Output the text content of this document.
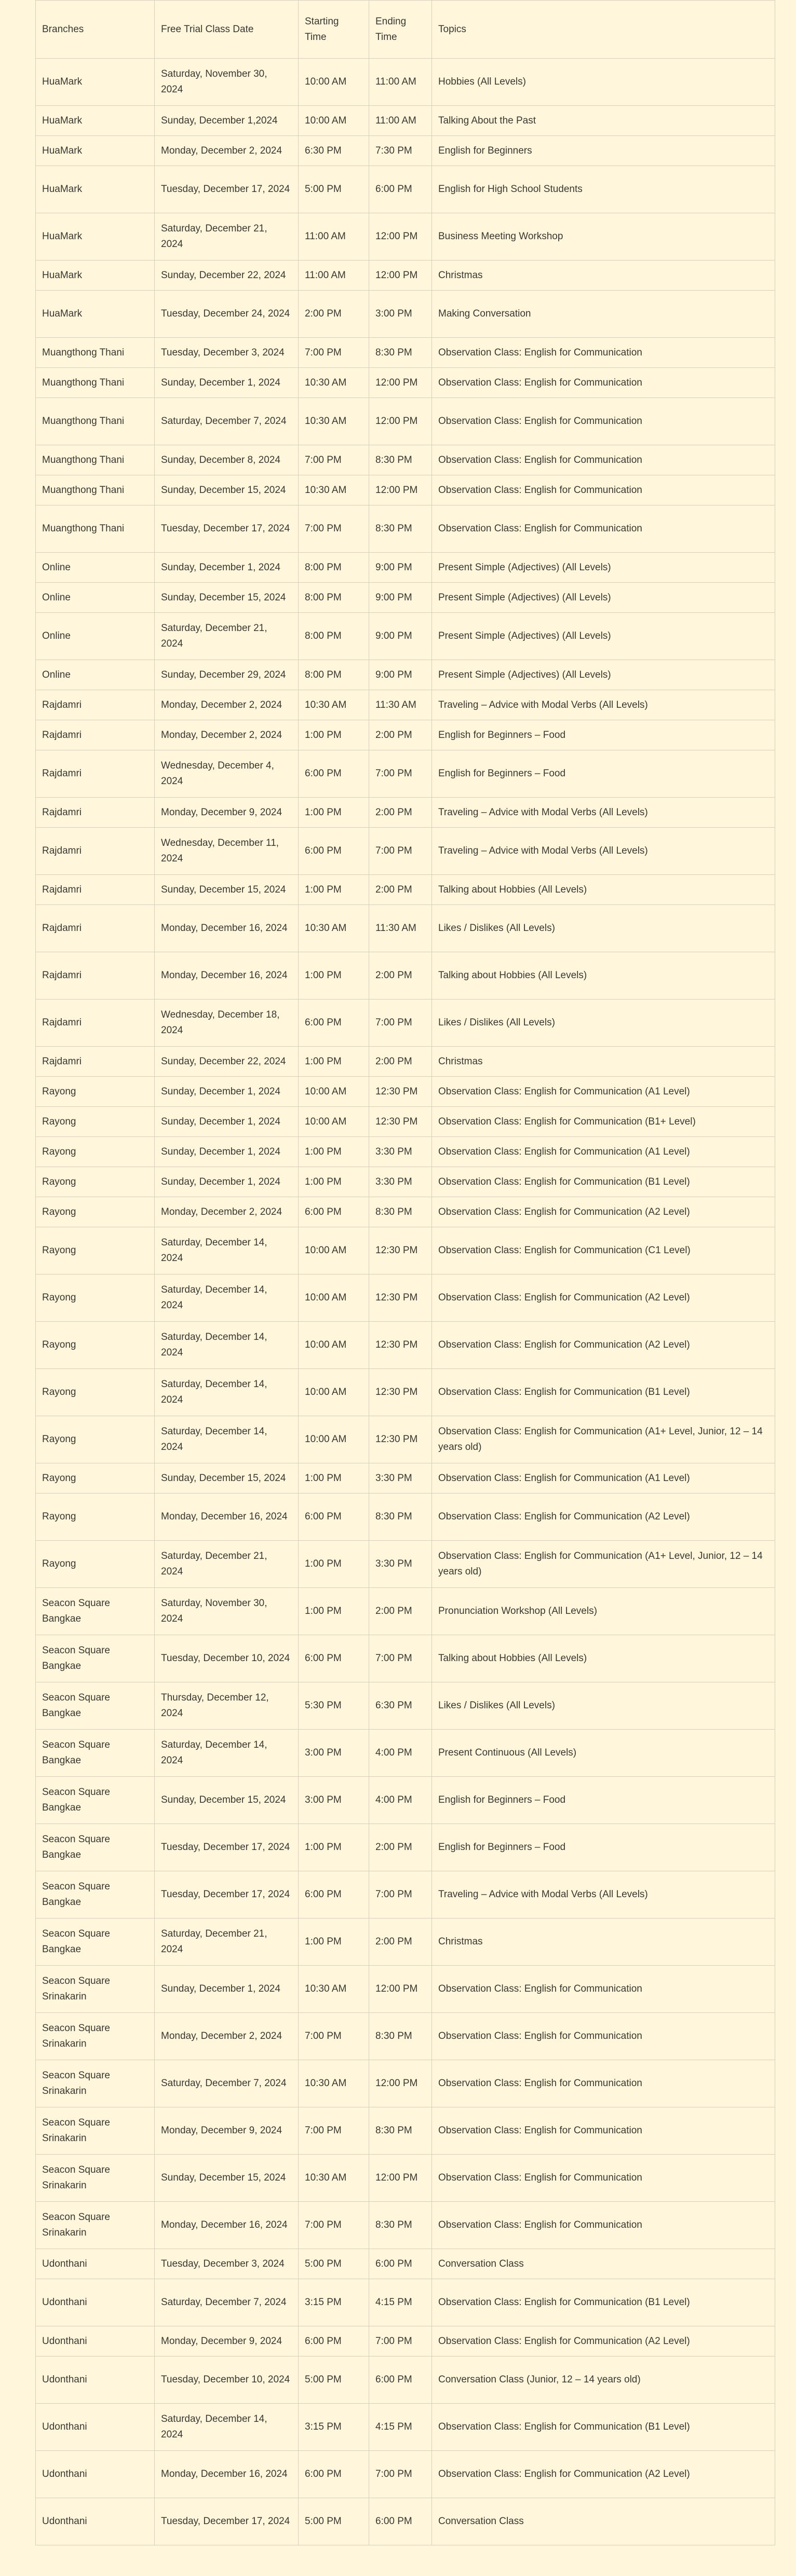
Branches	Free Trial Class Date	Starting Time	Ending Time	Topics
HuaMark	Saturday, November 30, 2024	10:00 AM	11:00 AM	Hobbies (All Levels)
HuaMark	Sunday, December 1,2024	10:00 AM	11:00 AM	Talking About the Past
HuaMark	Monday, December 2, 2024	6:30 PM	7:30 PM	English for Beginners
HuaMark	Tuesday, December 17, 2024	5:00 PM	6:00 PM	English for High School Students
HuaMark	Saturday, December 21, 2024	11:00 AM	12:00 PM	Business Meeting Workshop
HuaMark	Sunday, December 22, 2024	11:00 AM	12:00 PM	Christmas
HuaMark	Tuesday, December 24, 2024	2:00 PM	3:00 PM	Making Conversation
Muangthong Thani	Tuesday, December 3, 2024	7:00 PM	8:30 PM	Observation Class: English for Communication
Muangthong Thani	Sunday, December 1, 2024	10:30 AM	12:00 PM	Observation Class: English for Communication
Muangthong Thani	Saturday, December 7, 2024	10:30 AM	12:00 PM	Observation Class: English for Communication
Muangthong Thani	Sunday, December 8, 2024	7:00 PM	8:30 PM	Observation Class: English for Communication
Muangthong Thani	Sunday, December 15, 2024	10:30 AM	12:00 PM	Observation Class: English for Communication
Muangthong Thani	Tuesday, December 17, 2024	7:00 PM	8:30 PM	Observation Class: English for Communication
Online	Sunday, December 1, 2024	8:00 PM	9:00 PM	Present Simple (Adjectives) (All Levels)
Online	Sunday, December 15, 2024	8:00 PM	9:00 PM	Present Simple (Adjectives) (All Levels)
Online	Saturday, December 21, 2024	8:00 PM	9:00 PM	Present Simple (Adjectives) (All Levels)
Online	Sunday, December 29, 2024	8:00 PM	9:00 PM	Present Simple (Adjectives) (All Levels)
Rajdamri	Monday, December 2, 2024	10:30 AM	11:30 AM	Traveling – Advice with Modal Verbs (All Levels)
Rajdamri	Monday, December 2, 2024	1:00 PM	2:00 PM	English for Beginners – Food
Rajdamri	Wednesday, December 4, 2024	6:00 PM	7:00 PM	English for Beginners – Food
Rajdamri	Monday, December 9, 2024	1:00 PM	2:00 PM	Traveling – Advice with Modal Verbs (All Levels)
Rajdamri	Wednesday, December 11, 2024	6:00 PM	7:00 PM	Traveling – Advice with Modal Verbs (All Levels)
Rajdamri	Sunday, December 15, 2024	1:00 PM	2:00 PM	Talking about Hobbies (All Levels)
Rajdamri	Monday, December 16, 2024	10:30 AM	11:30 AM	Likes / Dislikes (All Levels)
Rajdamri	Monday, December 16, 2024	1:00 PM	2:00 PM	Talking about Hobbies (All Levels)
Rajdamri	Wednesday, December 18, 2024	6:00 PM	7:00 PM	Likes / Dislikes (All Levels)
Rajdamri	Sunday, December 22, 2024	1:00 PM	2:00 PM	Christmas
Rayong	Sunday, December 1, 2024	10:00 AM	12:30 PM	Observation Class: English for Communication (A1 Level)
Rayong	Sunday, December 1, 2024	10:00 AM	12:30 PM	Observation Class: English for Communication (B1+ Level)
Rayong	Sunday, December 1, 2024	1:00 PM	3:30 PM	Observation Class: English for Communication (A1 Level)
Rayong	Sunday, December 1, 2024	1:00 PM	3:30 PM	Observation Class: English for Communication (B1 Level)
Rayong	Monday, December 2, 2024	6:00 PM	8:30 PM	Observation Class: English for Communication (A2 Level)
Rayong	Saturday, December 14, 2024	10:00 AM	12:30 PM	Observation Class: English for Communication (C1 Level)
Rayong	Saturday, December 14, 2024	10:00 AM	12:30 PM	Observation Class: English for Communication (A2 Level)
Rayong	Saturday, December 14, 2024	10:00 AM	12:30 PM	Observation Class: English for Communication (A2 Level)
Rayong	Saturday, December 14, 2024	10:00 AM	12:30 PM	Observation Class: English for Communication (B1 Level)
Rayong	Saturday, December 14, 2024	10:00 AM	12:30 PM	Observation Class: English for Communication (A1+ Level, Junior, 12 – 14 years old)
Rayong	Sunday, December 15, 2024	1:00 PM	3:30 PM	Observation Class: English for Communication (A1 Level)
Rayong	Monday, December 16, 2024	6:00 PM	8:30 PM	Observation Class: English for Communication (A2 Level)
Rayong	Saturday, December 21, 2024	1:00 PM	3:30 PM	Observation Class: English for Communication (A1+ Level, Junior, 12 – 14 years old)
Seacon Square Bangkae	Saturday, November 30, 2024	1:00 PM	2:00 PM	Pronunciation Workshop (All Levels)
Seacon Square Bangkae	Tuesday, December 10, 2024	6:00 PM	7:00 PM	Talking about Hobbies (All Levels)
Seacon Square Bangkae	Thursday, December 12, 2024	5:30 PM	6:30 PM	Likes / Dislikes (All Levels)
Seacon Square Bangkae	Saturday, December 14, 2024	3:00 PM	4:00 PM	Present Continuous (All Levels)
Seacon Square Bangkae	Sunday, December 15, 2024	3:00 PM	4:00 PM	English for Beginners – Food
Seacon Square Bangkae	Tuesday, December 17, 2024	1:00 PM	2:00 PM	English for Beginners – Food
Seacon Square Bangkae	Tuesday, December 17, 2024	6:00 PM	7:00 PM	Traveling – Advice with Modal Verbs (All Levels)
Seacon Square Bangkae	Saturday, December 21, 2024	1:00 PM	2:00 PM	Christmas
Seacon Square Srinakarin	Sunday, December 1, 2024	10:30 AM	12:00 PM	Observation Class: English for Communication
Seacon Square Srinakarin	Monday, December 2, 2024	7:00 PM	8:30 PM	Observation Class: English for Communication
Seacon Square Srinakarin	Saturday, December 7, 2024	10:30 AM	12:00 PM	Observation Class: English for Communication
Seacon Square Srinakarin	Monday, December 9, 2024	7:00 PM	8:30 PM	Observation Class: English for Communication
Seacon Square Srinakarin	Sunday, December 15, 2024	10:30 AM	12:00 PM	Observation Class: English for Communication
Seacon Square Srinakarin	Monday, December 16, 2024	7:00 PM	8:30 PM	Observation Class: English for Communication
Udonthani	Tuesday, December 3, 2024	5:00 PM	6:00 PM	Conversation Class
Udonthani	Saturday, December 7, 2024	3:15 PM	4:15 PM	Observation Class: English for Communication (B1 Level)
Udonthani	Monday, December 9, 2024	6:00 PM	7:00 PM	Observation Class: English for Communication (A2 Level)
Udonthani	Tuesday, December 10, 2024	5:00 PM	6:00 PM	Conversation Class (Junior, 12 – 14 years old)
Udonthani	Saturday, December 14, 2024	3:15 PM	4:15 PM	Observation Class: English for Communication (B1 Level)
Udonthani	Monday, December 16, 2024	6:00 PM	7:00 PM	Observation Class: English for Communication (A2 Level)
Udonthani	Tuesday, December 17, 2024	5:00 PM	6:00 PM	Conversation Class
